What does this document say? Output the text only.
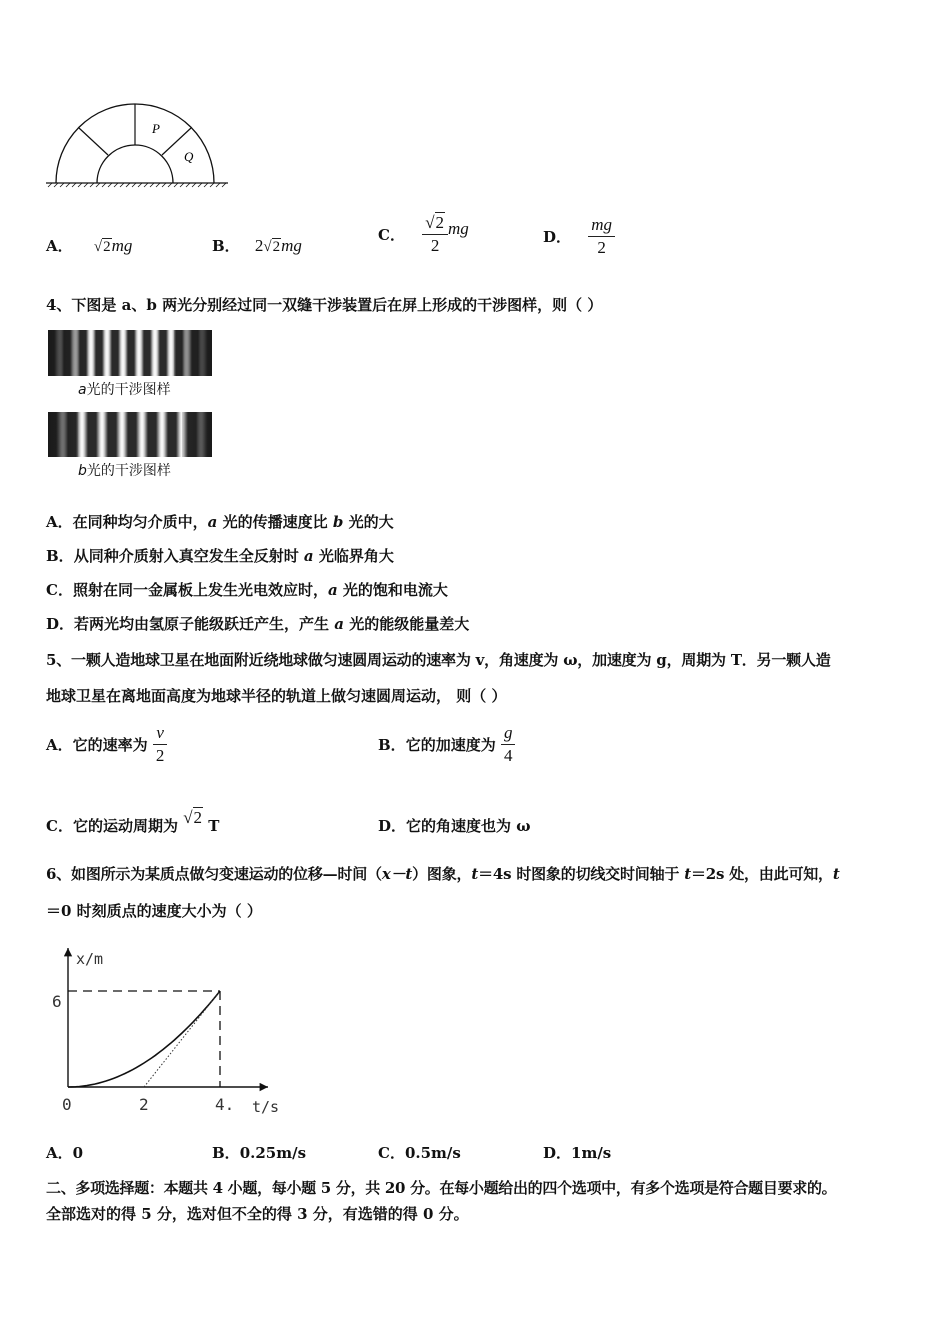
P
Q
A． √2mg	B． 2√2mg
C． $\frac{√2}{2}$ mg	D． $\frac{mg}{2}$
4、下图是 a、b 两光分别经过同一双缝干涉装置后在屏上形成的干涉图样，则（ ）
a光的干涉图样
b光的干涉图样
A．在同种均匀介质中，a 光的传播速度比 b 光的大
B．从同种介质射入真空发生全反射时 a 光临界角大
C．照射在同一金属板上发生光电效应时，a 光的饱和电流大
D．若两光均由氢原子能级跃迁产生，产生 a 光的能级能量差大
5、一颗人造地球卫星在地面附近绕地球做匀速圆周运动的速率为 v，角速度为 ω，加速度为 g，周期为 T．另一颗人造
地球卫星在离地面高度为地球半径的轨道上做匀速圆周运动， 则（ ）
A．它的速率为 $\frac{v}{2}$	B．它的加速度为 $\frac{g}{4}$
C．它的运动周期为 √2 T	D．它的角速度也为 ω
6、如图所示为某质点做匀变速运动的位移—时间（x－t）图象，t＝4s 时图象的切线交时间轴于 t＝2s 处，由此可知，t
＝0 时刻质点的速度大小为（ ）
x/m
t/s
6
0	2	4.
A．0	B．0.25m/s	C．0.5m/s	D．1m/s
二、多项选择题：本题共 4 小题，每小题 5 分，共 20 分。在每小题给出的四个选项中，有多个选项是符合题目要求的。
全部选对的得 5 分，选对但不全的得 3 分，有选错的得 0 分。
